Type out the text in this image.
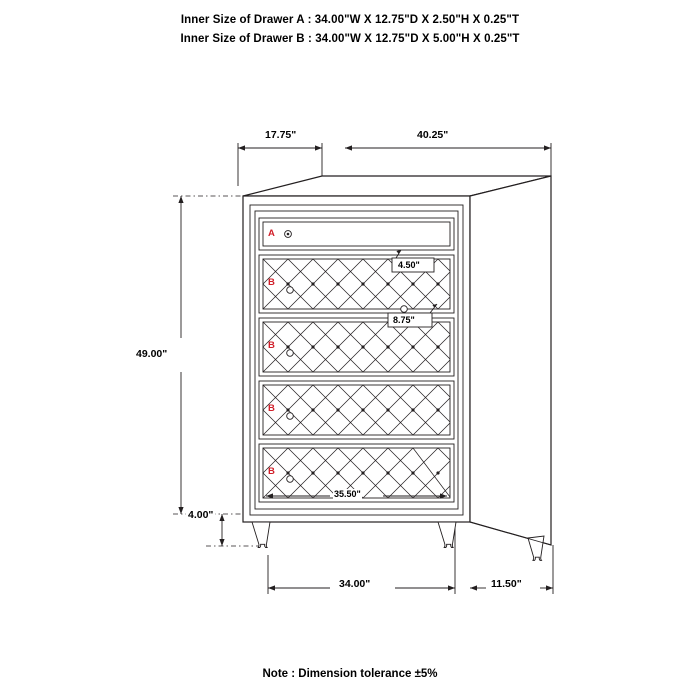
Inner Size of Drawer A : 34.00"W X 12.75"D X 2.50"H X 0.25"T
Inner Size of Drawer B : 34.00"W X 12.75"D X 5.00"H X 0.25"T
17.75"	40.25"
49.00"
4.00"
34.00"	11.50"
4.50"
8.75"
35.50"
A
B
B
B
B
Note : Dimension tolerance ±5%
